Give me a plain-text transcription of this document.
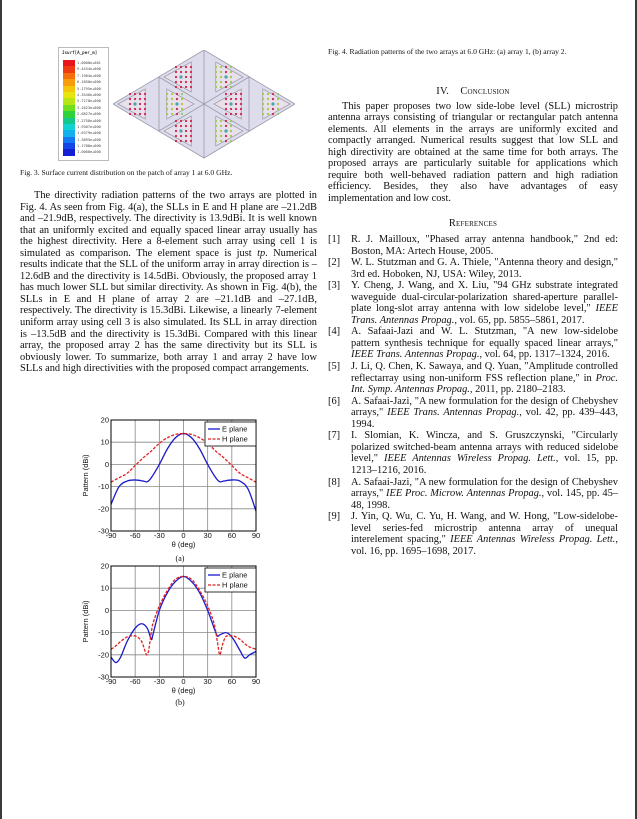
Jsurf[A_per_m]
1.0000e+001
9.4434e+000
7.1984e+000
6.1850e+000
5.1795e+000
4.3540e+000
3.7270e+000
3.1623e+000
2.6827e+000
2.2758e+000
1.9307e+000
1.6379e+000
1.3895e+000
1.1788e+000
1.0000e+000
Fig. 3. Surface current distribution on the patch of array 1 at 6.0 GHz.

The directivity radiation patterns of the two arrays are plotted in Fig. 4. As seen from Fig. 4(a), the SLLs in E and H plane are –21.2dB and –21.9dB, respectively. The directivity is 13.9dBi. It is well known that an uniformly excited and equally spaced linear array usually has the highest directivity. Here a 8-element such array using cell 1 is simulated as comparison. The element space is just tp. Numerical results indicate that the SLL of the uniform array in array direction is –12.6dB and the directivity is 14.5dBi. Obviously, the proposed array 1 has much lower SLL but similar directivity. As shown in Fig. 4(b), the SLLs in E and H plane of array 2 are –21.1dB and –27.1dB, respectively. The directivity is 15.3dBi. Likewise, a linearly 7-element uniform array using cell 3 is also simulated. Its SLL in array direction is –13.5dB and the directivity is 15.3dBi. Compared with this linear array, the proposed array 2 has the same directivity but its SLL is obviously lower. To summarize, both array 1 and array 2 have low SLLs and high directivities with the proposed compact arrangements.

-90 -60 -30 0 30 60 90
-30
-20
-10
0
10
20
θ (deg)
Pattern (dBi)
E plane
H plane
(a)
-90 -60 -30 0 30 60 90
-30
-20
-10
0
10
20
θ (deg)
Pattern (dBi)
E plane
H plane
(b)
Fig. 4. Radiation patterns of the two arrays at 6.0 GHz: (a) array 1, (b) array 2.
IV. Conclusion

This paper proposes two low side-lobe level (SLL) microstrip antenna arrays consisting of triangular or rectangular patch antenna elements. All elements in the arrays are uniformly excited and compactly arranged. Numerical results suggest that low SLL and high directivity are obtained at the same time for both arrays. The proposed arrays are particularly suitable for applications which require both well-behaved radiation pattern and high radiation efficiency. Besides, they also have advantages of easy implementation and low cost.

References
[1] R. J. Mailloux, "Phased array antenna handbook," 2nd ed: Boston, MA: Artech House, 2005.
[2] W. L. Stutzman and G. A. Thiele, "Antenna theory and design," 3rd ed. Hoboken, NJ, USA: Wiley, 2013.
[3] Y. Cheng, J. Wang, and X. Liu, "94 GHz substrate integrated waveguide dual-circular-polarization shared-aperture parallel-plate long-slot array antenna with low sidelobe level," IEEE Trans. Antennas Propag., vol. 65, pp. 5855–5861, 2017.
[4] A. Safaai-Jazi and W. L. Stutzman, "A new low-sidelobe pattern synthesis technique for equally spaced linear arrays," IEEE Trans. Antennas Propag., vol. 64, pp. 1317–1324, 2016.
[5] J. Li, Q. Chen, K. Sawaya, and Q. Yuan, "Amplitude controlled reflectarray using non-uniform FSS reflection plane," in Proc. Int. Symp. Antennas Propag., 2011, pp. 2180–2183.
[6] A. Safaai-Jazi, "A new formulation for the design of Chebyshev arrays," IEEE Trans. Antennas Propag., vol. 42, pp. 439–443, 1994.
[7] I. Slomian, K. Wincza, and S. Gruszczynski, "Circularly polarized switched-beam antenna arrays with reduced sidelobe level," IEEE Antennas Wireless Propag. Lett., vol. 15, pp. 1213–1216, 2016.
[8] A. Safaai-Jazi, "A new formulation for the design of Chebyshev arrays," IEE Proc. Microw. Antennas Propag., vol. 145, pp. 45–48, 1998.
[9] J. Yin, Q. Wu, C. Yu, H. Wang, and W. Hong, "Low-sidelobe-level series-fed microstrip antenna array of unequal interelement spacing," IEEE Antennas Wireless Propag. Lett., vol. 16, pp. 1695–1698, 2017.
